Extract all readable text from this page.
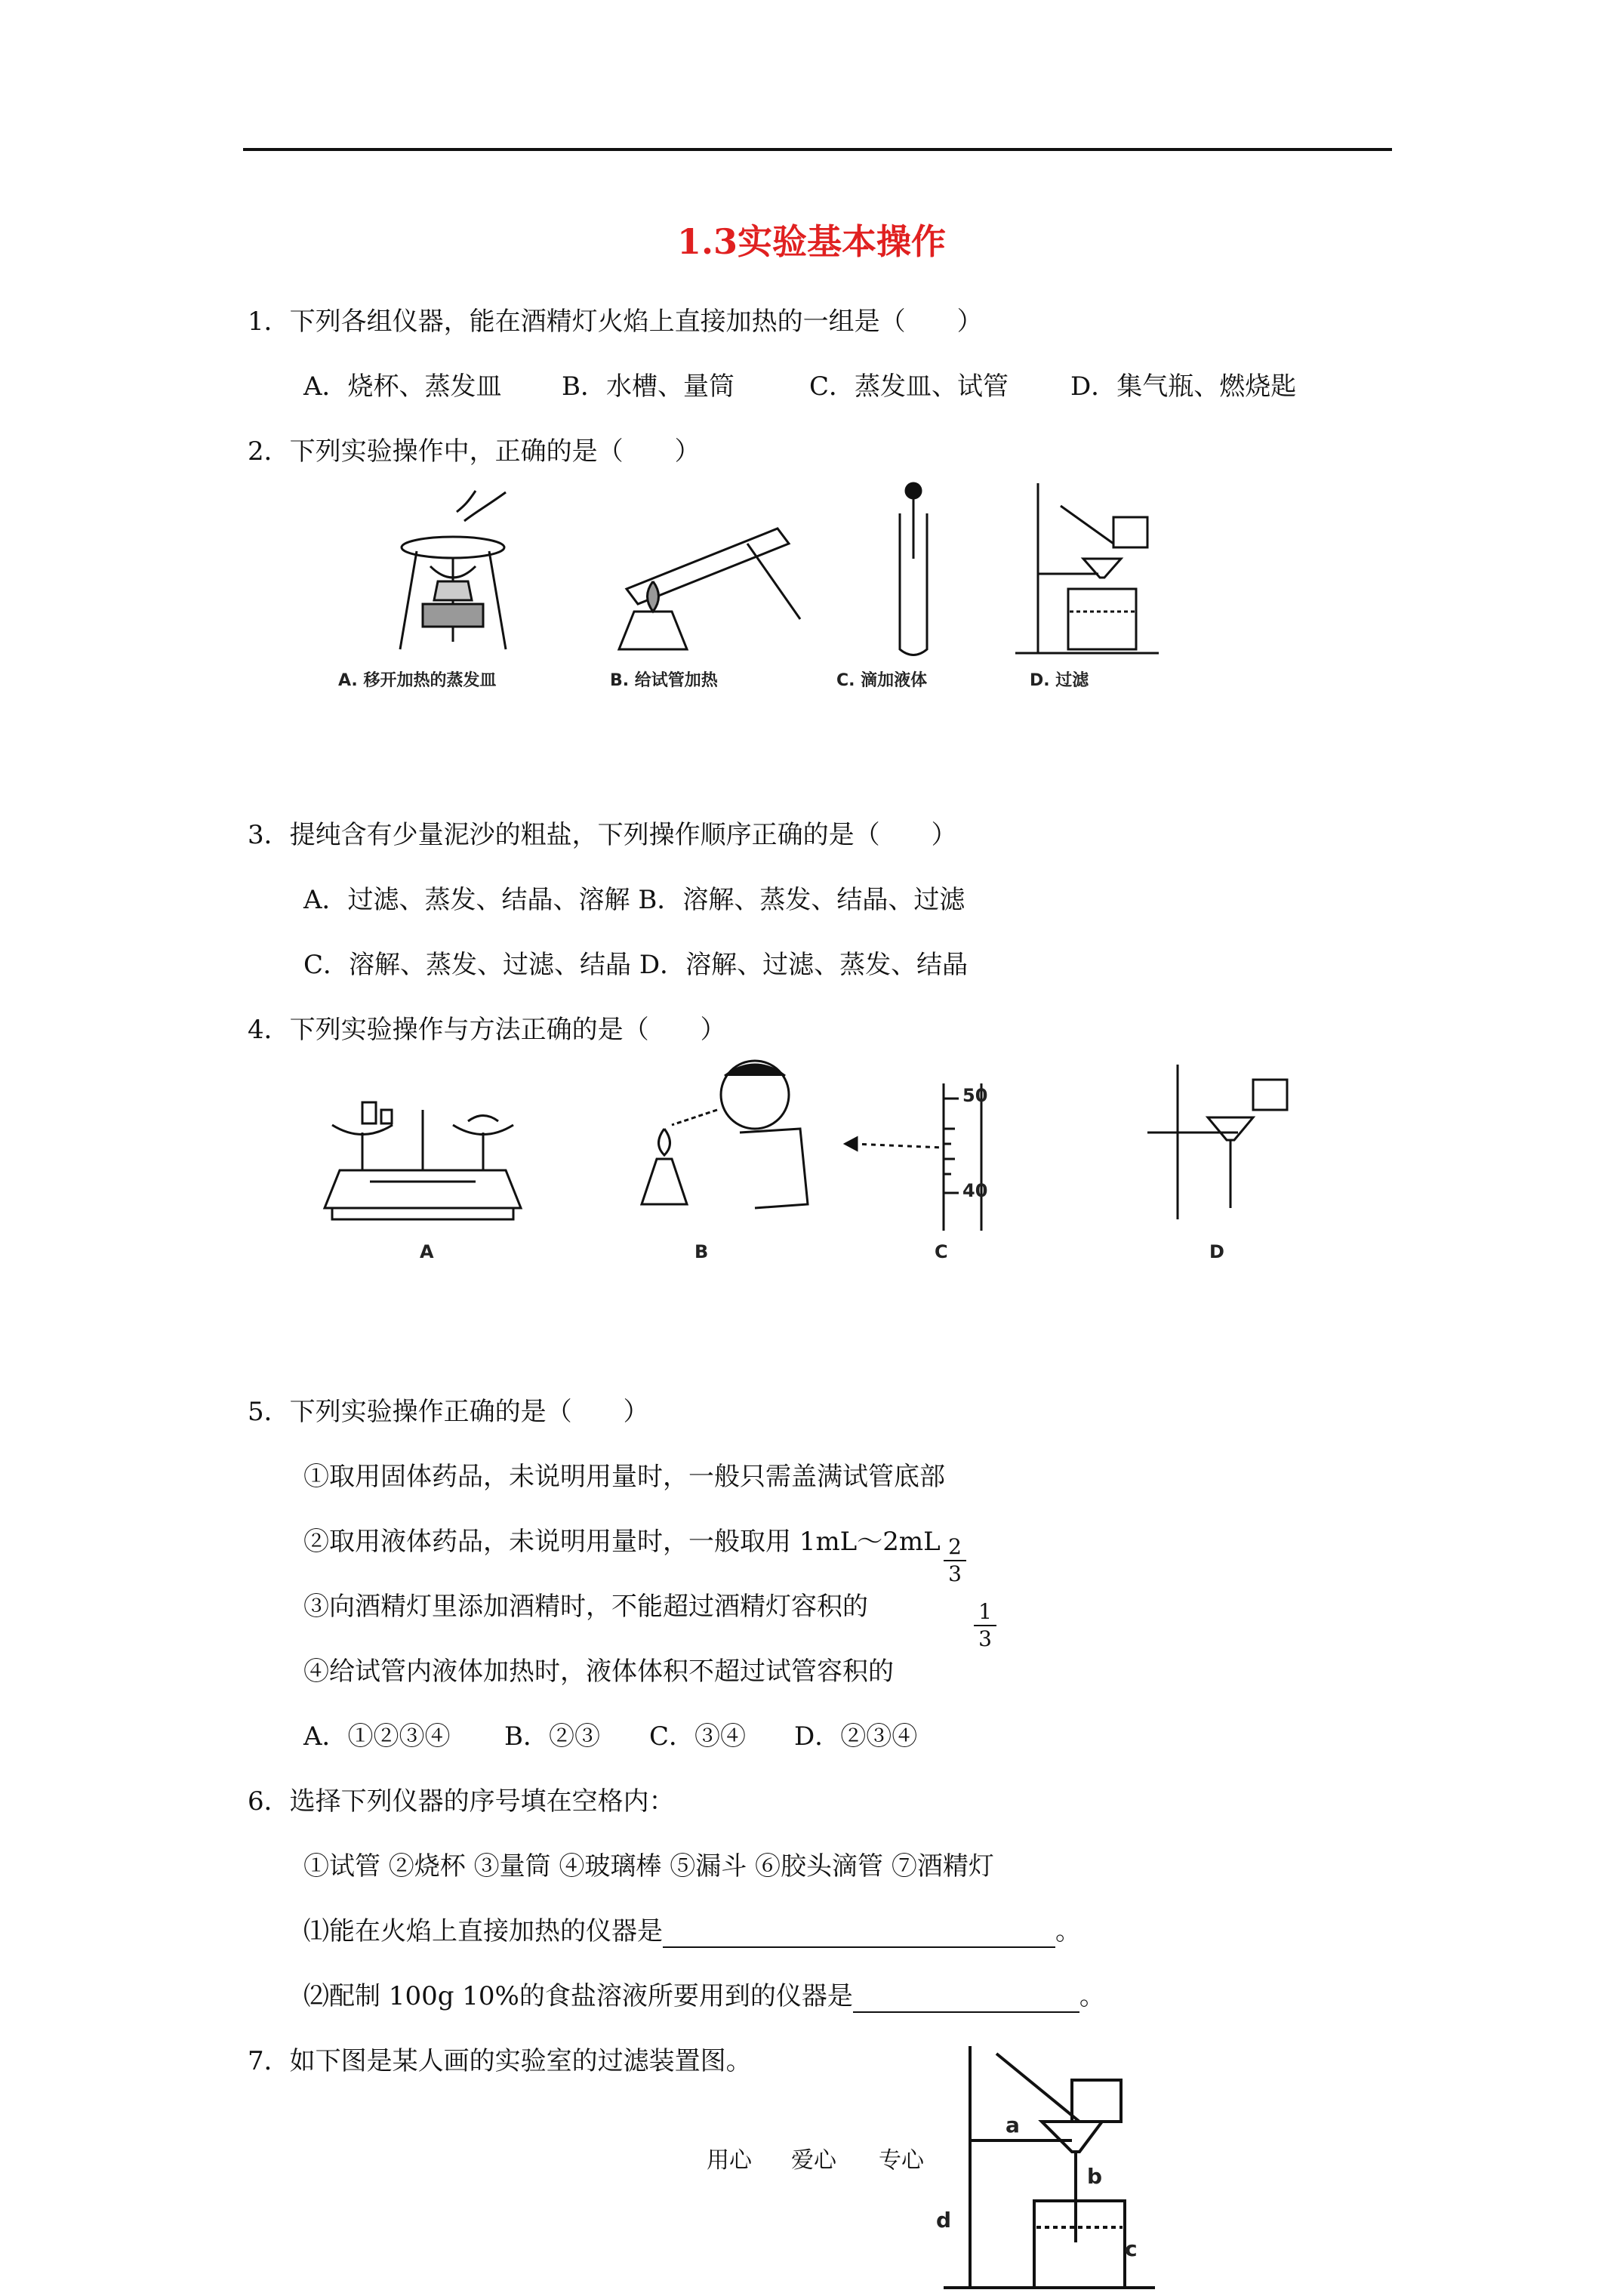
1.3实验基本操作
1．下列各组仪器，能在酒精灯火焰上直接加热的一组是（　　）
A．烧杯、蒸发皿 B．水槽、量筒	C．蒸发皿、试管 D．集气瓶、燃烧匙
2．下列实验操作中，正确的是（　　）
A. 移开加热的蒸发皿	B. 给试管加热	C. 滴加液体	D. 过滤
3．提纯含有少量泥沙的粗盐，下列操作顺序正确的是（　　）
A．过滤、蒸发、结晶、溶解 B．溶解、蒸发、结晶、过滤
C．溶解、蒸发、过滤、结晶 D．溶解、过滤、蒸发、结晶
4．下列实验操作与方法正确的是（　　）
50
40
A	B	C	D
5．下列实验操作正确的是（　　）
①取用固体药品，未说明用量时，一般只需盖满试管底部
②取用液体药品，未说明用量时，一般取用 1mL～2mL
③向酒精灯里添加酒精时，不能超过酒精灯容积的
2
3
④给试管内液体加热时，液体体积不超过试管容积的
1
3
A．①②③④ B．②③ C．③④ D．②③④
6．选择下列仪器的序号填在空格内：
①试管 ②烧杯 ③量筒 ④玻璃棒 ⑤漏斗 ⑥胶头滴管 ⑦酒精灯
⑴能在火焰上直接加热的仪器是	。
⑵配制 100g 10%的食盐溶液所要用到的仪器是	。
7．如下图是某人画的实验室的过滤装置图。
a
b
c
d
用心 爱心 专心
